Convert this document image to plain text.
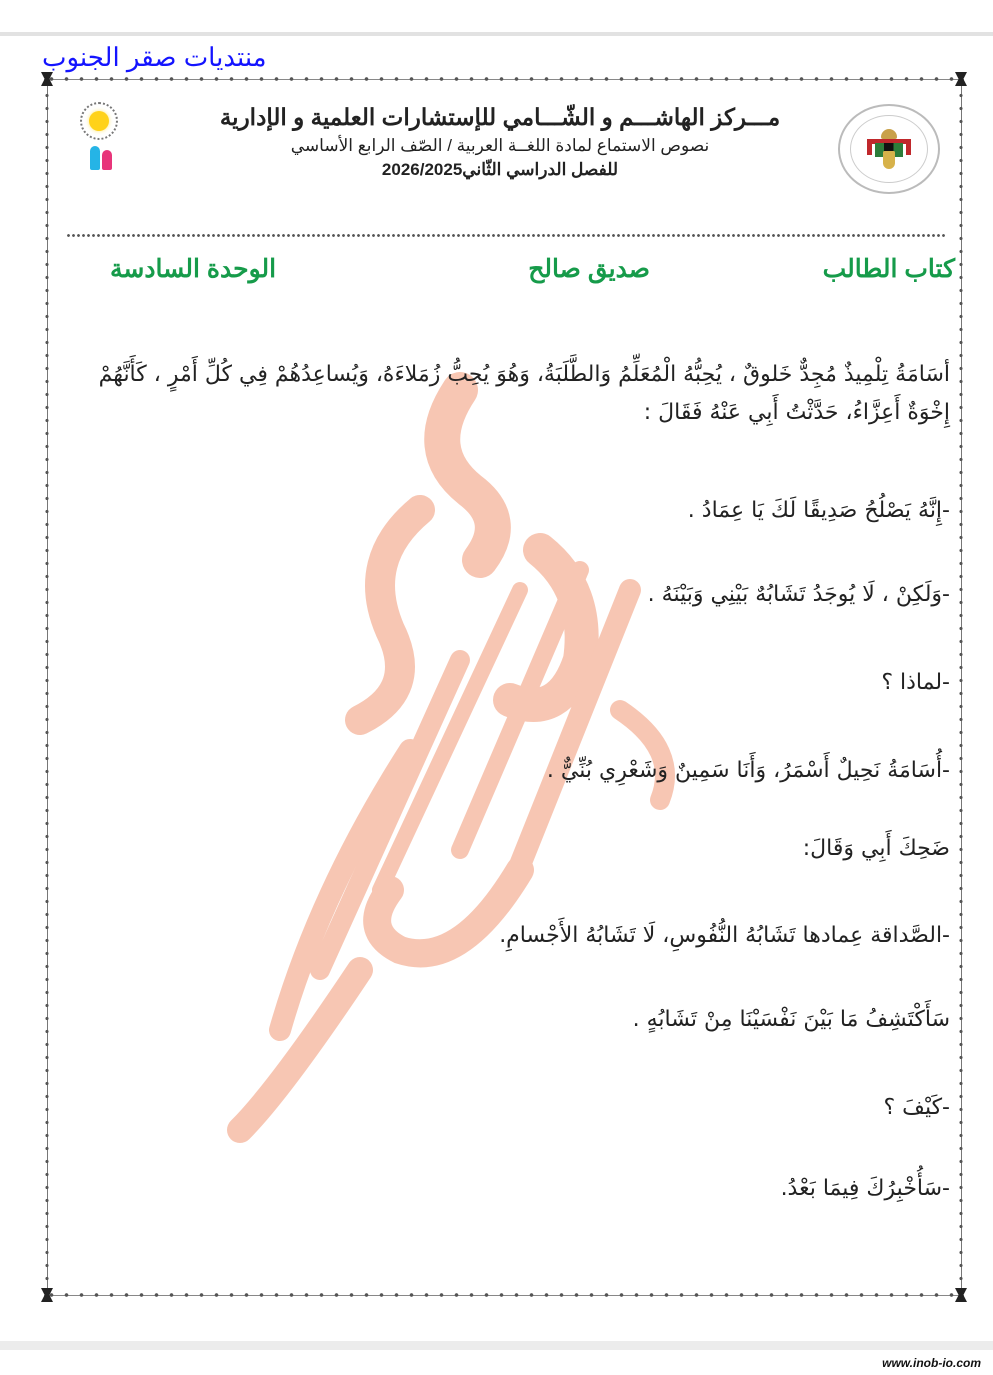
منتديات صقر الجنوب
مـــركز الهاشـــم و الشّـــامي للإستشارات العلمية و الإدارية
نصوص الاستماع لمادة اللغــة العربية / الصّف الرابع الأساسي
للفصل الدراسي الثّاني2026/2025
كتاب الطالب
صديق صالح
الوحدة السادسة

أسَامَةُ تِلْمِيذٌ مُجِدٌّ خَلوقٌ ، يُحِبُّهُ الْمُعَلِّمُ وَالطَّلَبَةُ، وَهُوَ يُحِبُّ زُمَلاءَهُ، وَيُساعِدُهُمْ فِي كُلِّ أَمْرٍ ، كَأَنَّهُمْ إِخْوَةٌ أَعِزَّاءُ، حَدَّثْتُ أَبِي عَنْهُ فَقَالَ :

-إِنَّهُ يَصْلُحُ صَدِيقًا لَكَ يَا عِمَادُ .

-وَلَكِنْ ، لَا يُوجَدُ تَشَابُهٌ بَيْنِي وَبَيْنَهُ .

-لماذا ؟

-أُسَامَةُ نَحِيلٌ أَسْمَرُ، وَأَنَا سَمِينٌ وَشَعْرِي بُنِّيٌّ .

ضَحِكَ أَبِي وَقَالَ:

-الصَّداقة عِمادها تَشَابُهُ النُّفُوسِ، لَا تَشَابُهُ الأَجْسامِ.

سَأَكْتَشِفُ مَا بَيْنَ نَفْسَيْنَا مِنْ تَشَابُهٍ .

-كَيْفَ ؟

-سَأُخْبِرُكَ فِيمَا بَعْدُ.

www.inob-io.com
